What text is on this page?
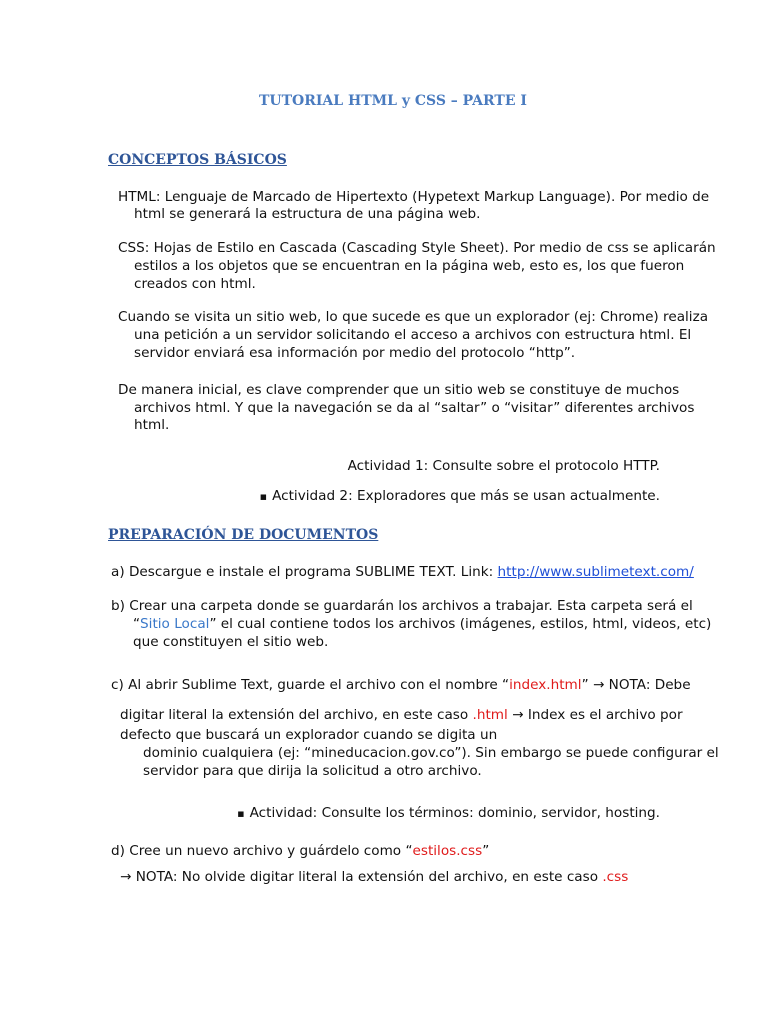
TUTORIAL HTML y CSS – PARTE I
CONCEPTOS BÁSICOS
HTML: Lenguaje de Marcado de Hipertexto (Hypetext Markup Language). Por medio de
html se generará la estructura de una página web.
CSS: Hojas de Estilo en Cascada (Cascading Style Sheet). Por medio de css se aplicarán
estilos a los objetos que se encuentran en la página web, esto es, los que fueron
creados con html.
Cuando se visita un sitio web, lo que sucede es que un explorador (ej: Chrome) realiza
una petición a un servidor solicitando el acceso a archivos con estructura html. El
servidor enviará esa información por medio del protocolo “http”.
De manera inicial, es clave comprender que un sitio web se constituye de muchos
archivos html. Y que la navegación se da al “saltar” o “visitar” diferentes archivos
html.
Actividad 1: Consulte sobre el protocolo HTTP.
▪ Actividad 2: Exploradores que más se usan actualmente.
PREPARACIÓN DE DOCUMENTOS
a) Descargue e instale el programa SUBLIME TEXT. Link: http://www.sublimetext.com/
b) Crear una carpeta donde se guardarán los archivos a trabajar. Esta carpeta será el
“Sitio Local” el cual contiene todos los archivos (imágenes, estilos, html, videos, etc)
que constituyen el sitio web.
c) Al abrir Sublime Text, guarde el archivo con el nombre “index.html” → NOTA: Debe
digitar literal la extensión del archivo, en este caso .html → Index es el archivo por
defecto que buscará un explorador cuando se digita un
dominio cualquiera (ej: “mineducacion.gov.co”). Sin embargo se puede configurar el
servidor para que dirija la solicitud a otro archivo.
▪ Actividad: Consulte los términos: dominio, servidor, hosting.
d) Cree un nuevo archivo y guárdelo como “estilos.css”
→ NOTA: No olvide digitar literal la extensión del archivo, en este caso .css
